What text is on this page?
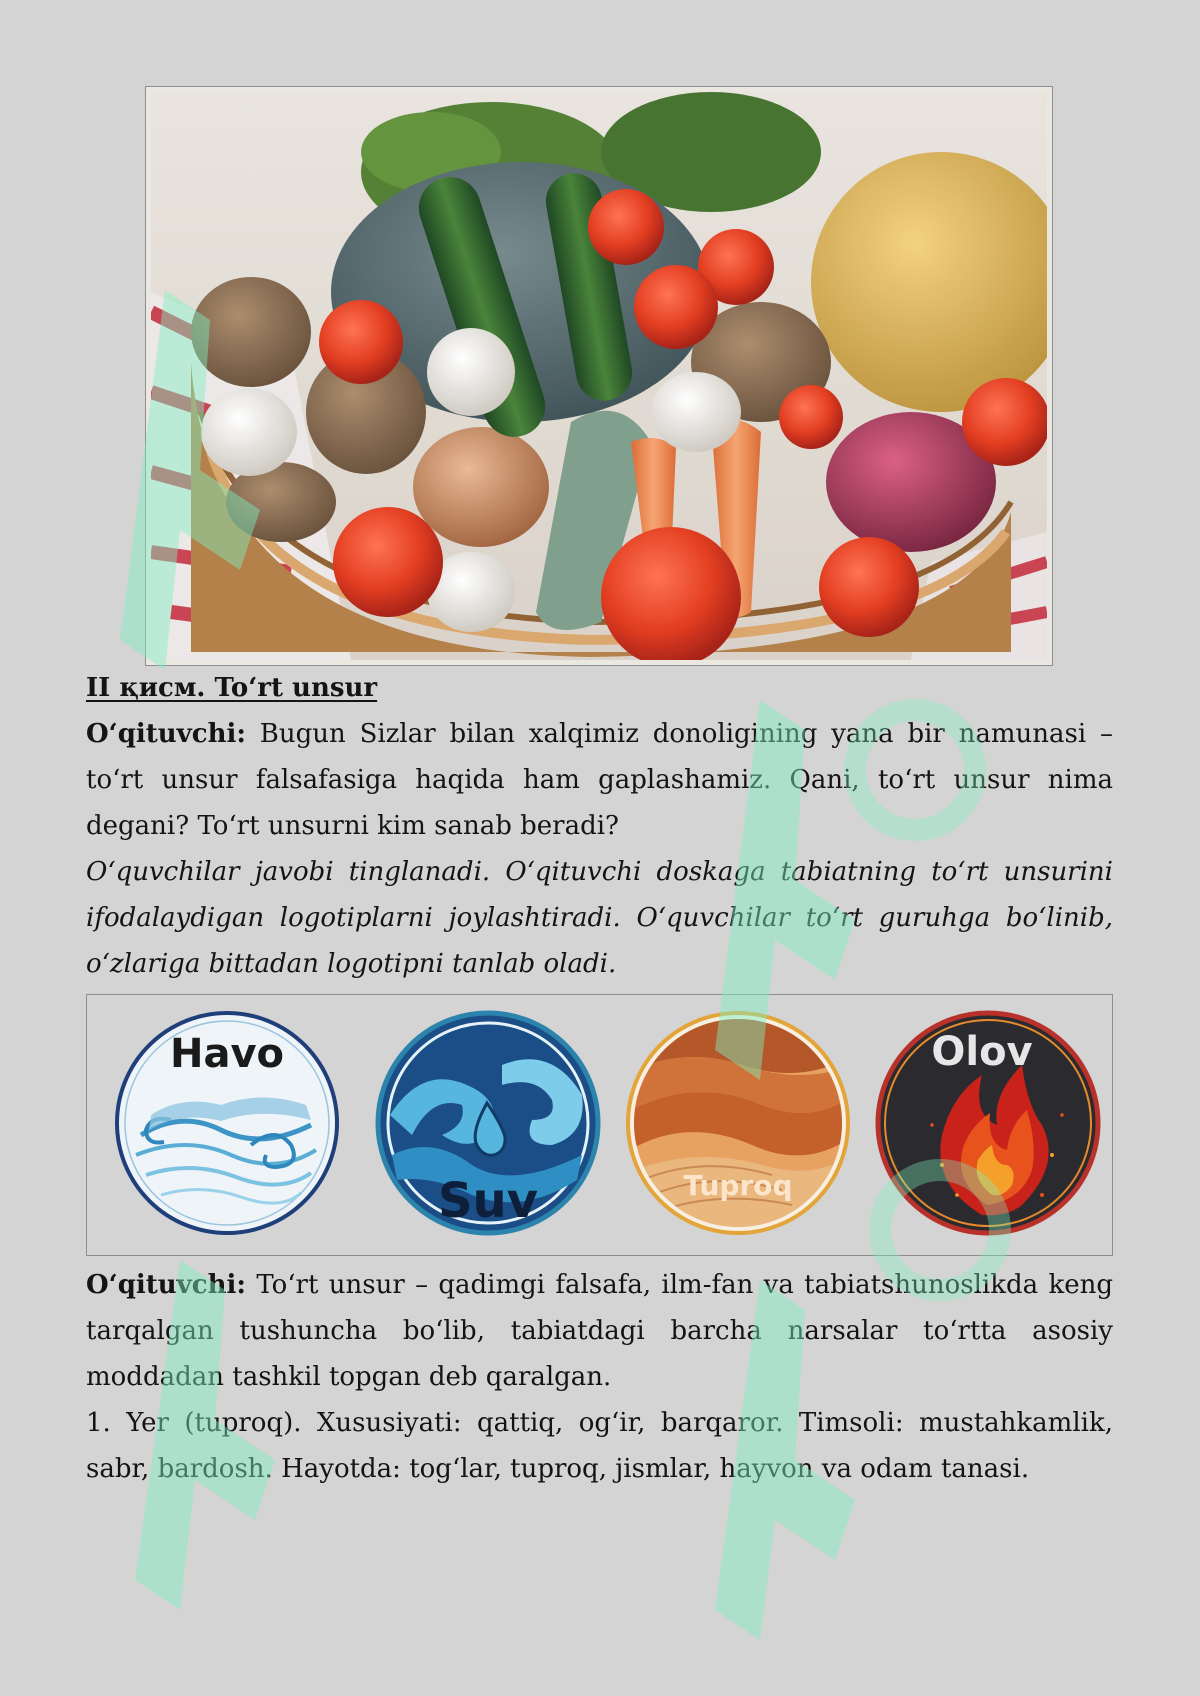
II қисм. To‘rt unsur

O‘qituvchi: Bugun Sizlar bilan xalqimiz donoligining yana bir namunasi – to‘rt unsur falsafasiga haqida ham gaplashamiz. Qani, to‘rt unsur nima degani? To‘rt unsurni kim sanab beradi?

O‘quvchilar javobi tinglanadi. O‘qituvchi doskaga tabiatning to‘rt unsurini ifodalaydigan logotiplarni joylashtiradi. O‘quvchilar to‘rt guruhga bo‘linib, o‘zlariga bittadan logotipni tanlab oladi.

Havo
Suv	Tuproq
Olov

O‘qituvchi: To‘rt unsur – qadimgi falsafa, ilm-fan va tabiatshunoslikda keng tarqalgan tushuncha bo‘lib, tabiatdagi barcha narsalar to‘rtta asosiy moddadan tashkil topgan deb qaralgan.

1. Yer (tuproq). Xususiyati: qattiq, og‘ir, barqaror. Timsoli: mustahkamlik, sabr, bardosh. Hayotda: tog‘lar, tuproq, jismlar, hayvon va odam tanasi.
